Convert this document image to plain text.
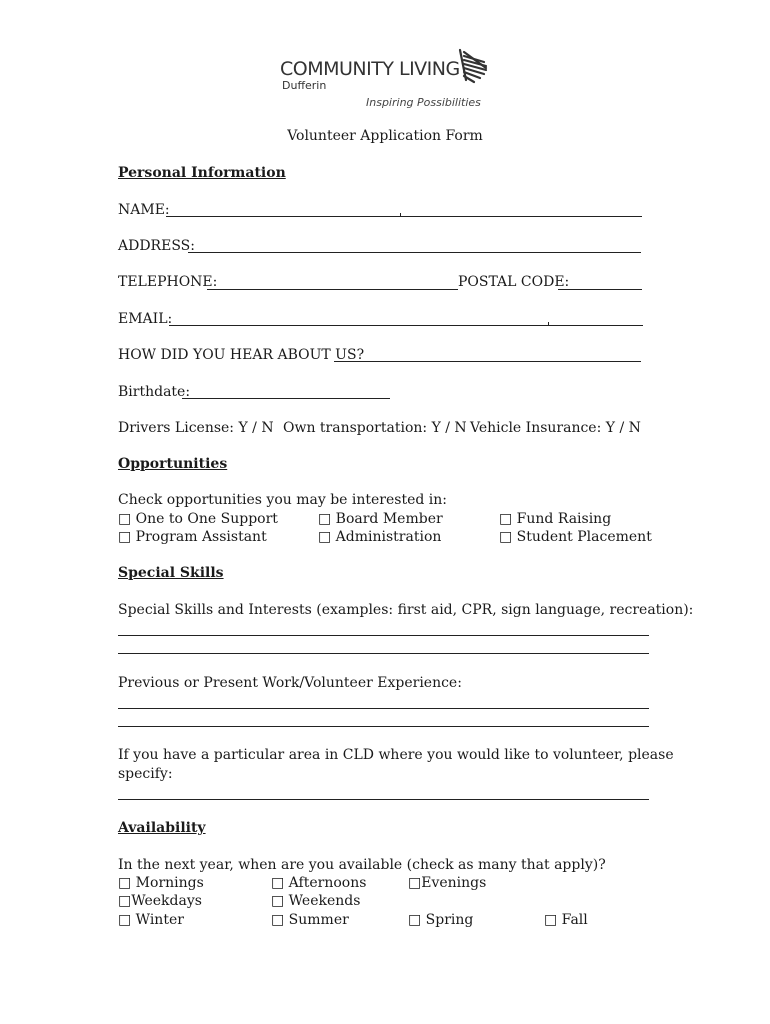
COMMUNITY LIVING
Dufferin
Inspiring Possibilities
Volunteer Application Form
Personal Information
NAME:
ADDRESS:
TELEPHONE:	POSTAL CODE:
EMAIL:
HOW DID YOU HEAR ABOUT US?
Birthdate:
Drivers License: Y / N Own transportation: Y / N Vehicle Insurance: Y / N
Opportunities
Check opportunities you may be interested in:
□ One to One Support	□ Board Member	□ Fund Raising
□ Program Assistant	□ Administration	□ Student Placement
Special Skills
Special Skills and Interests (examples: first aid, CPR, sign language, recreation):
Previous or Present Work/Volunteer Experience:
If you have a particular area in CLD where you would like to volunteer, please
specify:
Availability
In the next year, when are you available (check as many that apply)?
□ Mornings	□ Afternoons	□Evenings
□Weekdays	□ Weekends
□ Winter	□ Summer	□ Spring	□ Fall
